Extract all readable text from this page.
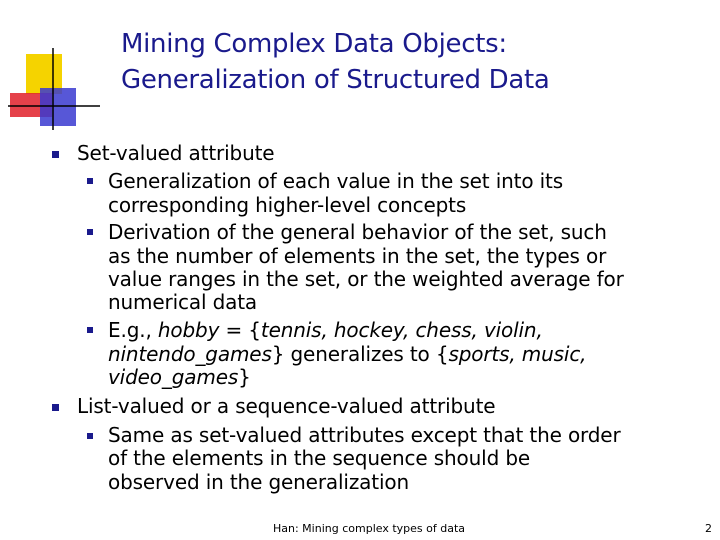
Mining Complex Data Objects:
Generalization of Structured Data
Set-valued attribute
Generalization of each value in the set into its
corresponding higher-level concepts
Derivation of the general behavior of the set, such
as the number of elements in the set, the types or
value ranges in the set, or the weighted average for
numerical data
E.g., hobby = {tennis, hockey, chess, violin,
nintendo_games} generalizes to {sports, music,
video_games}
List-valued or a sequence-valued attribute
Same as set-valued attributes except that the order
of the elements in the sequence should be
observed in the generalization
Han: Mining complex types of data	2
